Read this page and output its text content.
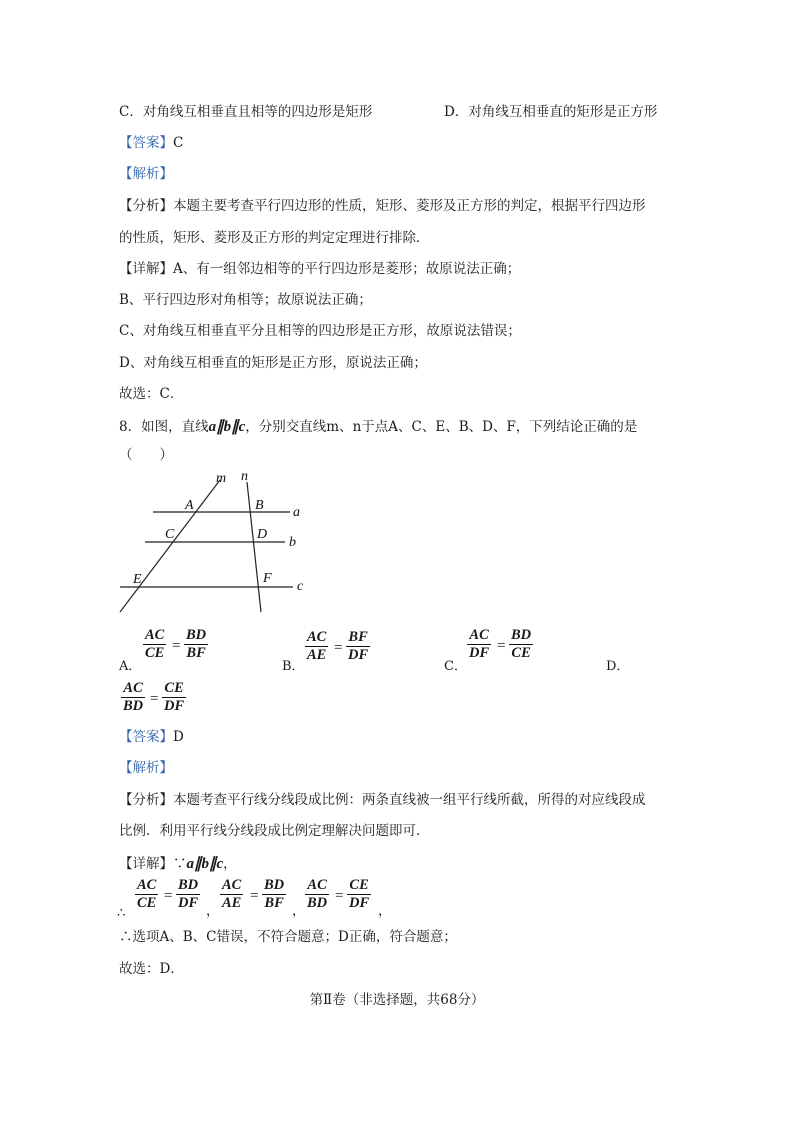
C．对角线互相垂直且相等的四边形是矩形	D．对角线互相垂直的矩形是正方形
【答案】C
【解析】
【分析】本题主要考查平行四边形的性质，矩形、菱形及正方形的判定，根据平行四边形
的性质，矩形、菱形及正方形的判定定理进行排除．
【详解】A、有一组邻边相等的平行四边形是菱形；故原说法正确；
B、平行四边形对角相等；故原说法正确；
C、对角线互相垂直平分且相等的四边形是正方形，故原说法错误；
D、对角线互相垂直的矩形是正方形，原说法正确；
故选：C．
8．如图，直线a∥b∥c，分别交直线m、n于点A、C、E、B、D、F，下列结论正确的是
（　　）
m n
a
b
c
A	B
C	D
E	F
A．
$\frac{AC}{CE} = \frac{BD}{BF}$
B．
$\frac{AC}{AE} = \frac{BF}{DF}$
C．
$\frac{AC}{DF} = \frac{BD}{CE}$
D．
$\frac{AC}{BD} = \frac{CE}{DF}$
【答案】D
【解析】
【分析】本题考查平行线分线段成比例：两条直线被一组平行线所截，所得的对应线段成
比例．利用平行线分线段成比例定理解决问题即可．
【详解】∵a∥b∥c，
∴
$\frac{AC}{CE} = \frac{BD}{DF}$ ， $\frac{AC}{AE} = \frac{BD}{BF}$ ， $\frac{AC}{BD} = \frac{CE}{DF}$ ，
∴选项A、B、C错误，不符合题意；D正确，符合题意；
故选：D．
第Ⅱ卷（非选择题，共68分）
